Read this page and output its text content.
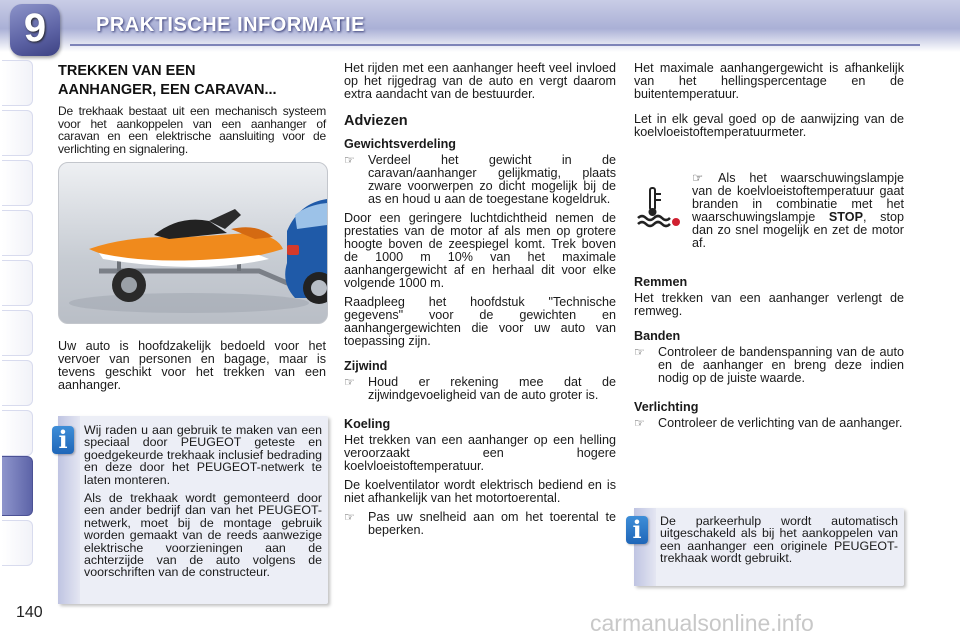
9	PRAKTISCHE INFORMATIE
TREKKEN VAN EEN
AANHANGER, EEN CARAVAN...

De trekhaak bestaat uit een mechanisch systeem voor het aankoppelen van een aanhanger of caravan en een elektrische aansluiting voor de verlichting en signalering.

Uw auto is hoofdzakelijk bedoeld voor het vervoer van personen en bagage, maar is tevens geschikt voor het trekken van een aanhanger.

i	Wij raden u aan gebruik te maken van een speciaal door PEUGEOT geteste en goedgekeurde trekhaak inclusief bedrading en deze door het PEUGEOT-netwerk te laten monteren.

Als de trekhaak wordt gemonteerd door een ander bedrijf dan van het PEUGEOT-netwerk, moet bij de montage gebruik worden gemaakt van de reeds aanwezige elektrische voorzieningen aan de achterzijde van de auto volgens de voorschriften van de constructeur.

Het rijden met een aanhanger heeft veel invloed op het rijgedrag van de auto en vergt daarom extra aandacht van de bestuurder.

Adviezen
Gewichtsverdeling
☞	Verdeel het gewicht in de caravan/aanhanger gelijkmatig, plaats zware voorwerpen zo dicht mogelijk bij de as en houd u aan de toegestane kogeldruk.

Door een geringere luchtdichtheid nemen de prestaties van de motor af als men op grotere hoogte boven de zeespiegel komt. Trek boven de 1000 m 10% van het maximale aanhangergewicht af en herhaal dit voor elke volgende 1000 m.

Raadpleeg het hoofdstuk "Technische gegevens" voor de gewichten en aanhangergewichten die voor uw auto van toepassing zijn.

Zijwind
☞	Houd er rekening mee dat de zijwindgevoeligheid van de auto groter is.
Koeling

Het trekken van een aanhanger op een helling veroorzaakt een hogere koelvloeistoftemperatuur.

De koelventilator wordt elektrisch bediend en is niet afhankelijk van het motortoerental.

☞	Pas uw snelheid aan om het toerental te beperken.

Het maximale aanhangergewicht is afhankelijk van het hellingspercentage en de buitentemperatuur.

Let in elk geval goed op de aanwijzing van de koelvloeistoftemperatuurmeter.

☞ Als het waarschuwingslampje van de koelvloeistoftemperatuur gaat branden in combinatie met het waarschuwingslampje STOP, stop dan zo snel mogelijk en zet de motor af.
Remmen

Het trekken van een aanhanger verlengt de remweg.

Banden
☞	Controleer de bandenspanning van de auto en de aanhanger en breng deze indien nodig op de juiste waarde.
Verlichting
☞	Controleer de verlichting van de aanhanger.
i	De parkeerhulp wordt automatisch uitgeschakeld als bij het aankoppelen van een aanhanger een originele PEUGEOT-trekhaak wordt gebruikt.
140	carmanualsonline.info
